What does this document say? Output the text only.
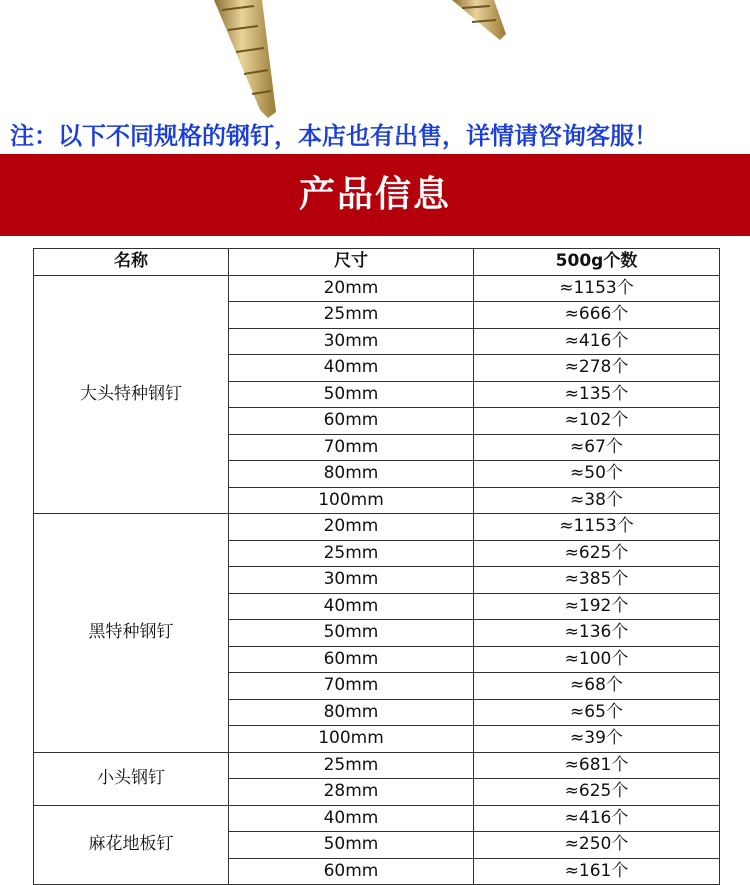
注：以下不同规格的钢钉，本店也有出售，详情请咨询客服！
产品信息
名称	尺寸	500g个数
大头特种钢钉	20mm	≈1153个
	25mm	≈666个
	30mm	≈416个
	40mm	≈278个
	50mm	≈135个
	60mm	≈102个
	70mm	≈67个
	80mm	≈50个
	100mm	≈38个
黑特种钢钉	20mm	≈1153个
	25mm	≈625个
	30mm	≈385个
	40mm	≈192个
	50mm	≈136个
	60mm	≈100个
	70mm	≈68个
	80mm	≈65个
	100mm	≈39个
小头钢钉	25mm	≈681个
	28mm	≈625个
麻花地板钉	40mm	≈416个
	50mm	≈250个
	60mm	≈161个
